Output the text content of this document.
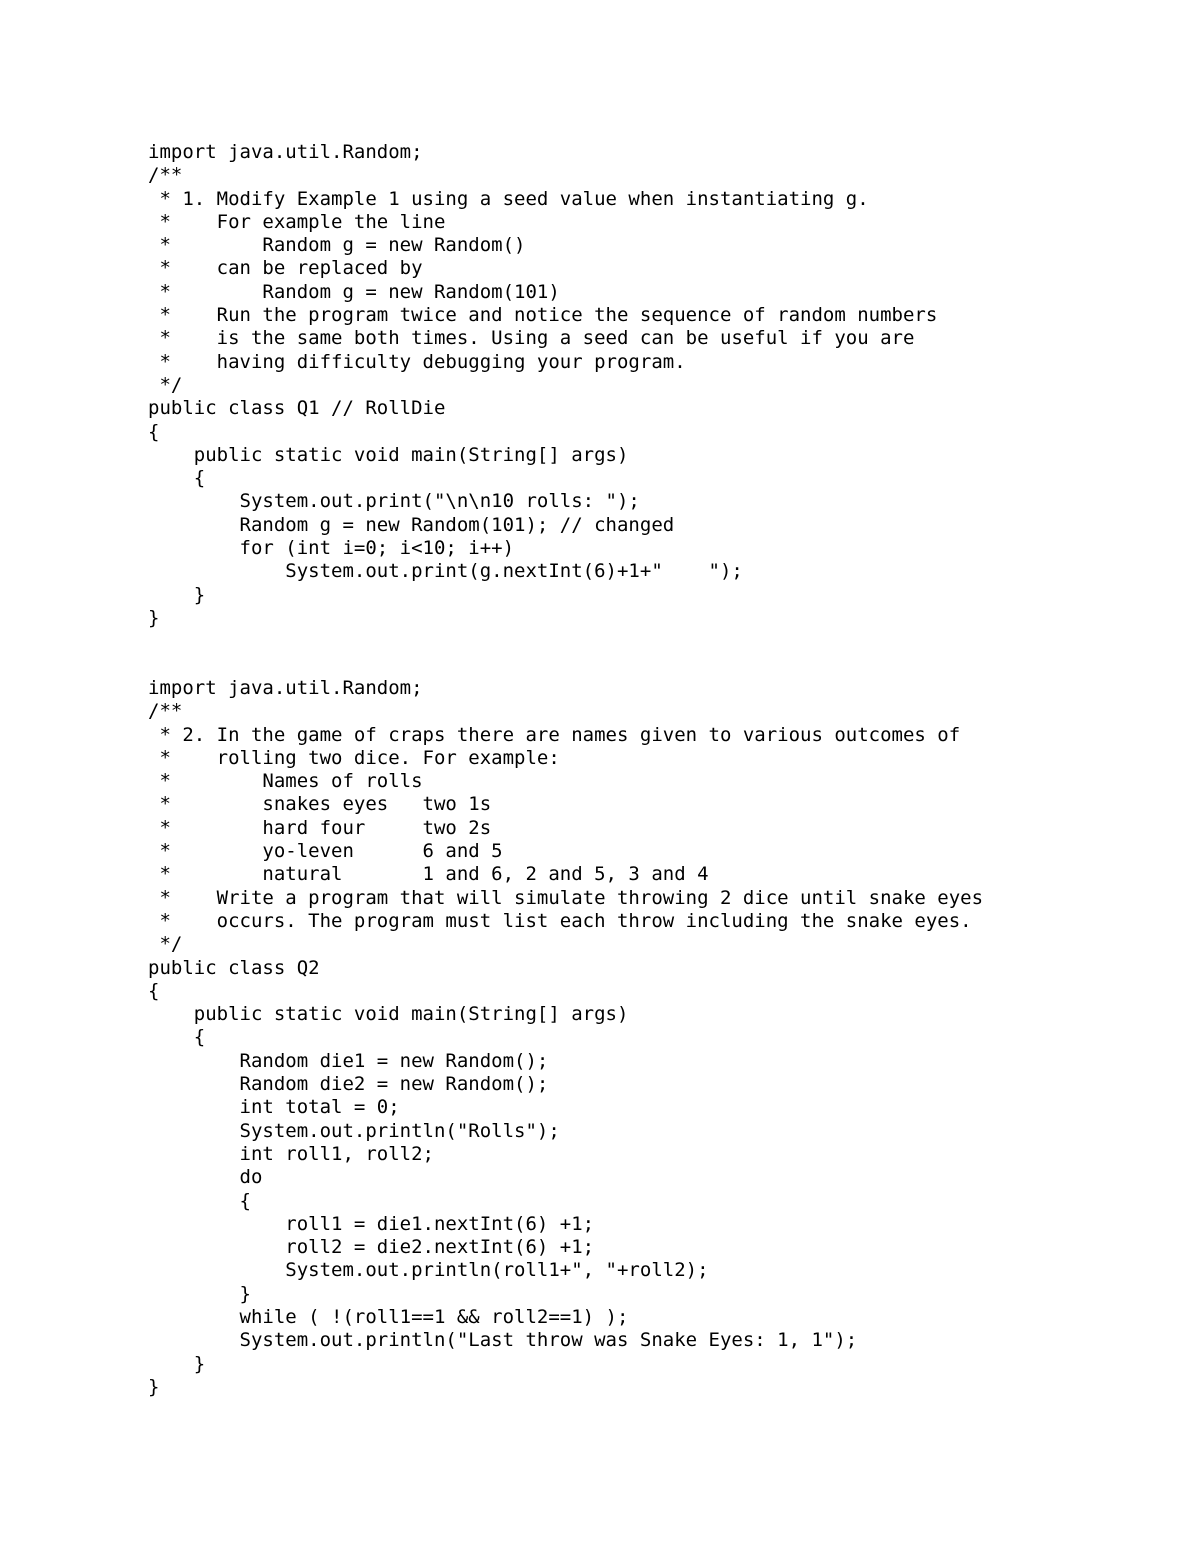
import java.util.Random;
/**
* 1. Modify Example 1 using a seed value when instantiating g.
*    For example the line
*        Random g = new Random()
*    can be replaced by
*        Random g = new Random(101)
*    Run the program twice and notice the sequence of random numbers
*    is the same both times. Using a seed can be useful if you are
*    having difficulty debugging your program.
*/
public class Q1 // RollDie
{
public static void main(String[] args)
{
System.out.print("\n\n10 rolls: ");
Random g = new Random(101); // changed
for (int i=0; i<10; i++)
System.out.print(g.nextInt(6)+1+"    ");
}
}
import java.util.Random;
/**
* 2. In the game of craps there are names given to various outcomes of
*    rolling two dice. For example:
*        Names of rolls
*        snakes eyes   two 1s
*        hard four     two 2s
*        yo-leven      6 and 5
*        natural       1 and 6, 2 and 5, 3 and 4
*    Write a program that will simulate throwing 2 dice until snake eyes
*    occurs. The program must list each throw including the snake eyes.
*/
public class Q2
{
public static void main(String[] args)
{
Random die1 = new Random();
Random die2 = new Random();
int total = 0;
System.out.println("Rolls");
int roll1, roll2;
do
{
roll1 = die1.nextInt(6) +1;
roll2 = die2.nextInt(6) +1;
System.out.println(roll1+", "+roll2);
}
while ( !(roll1==1 && roll2==1) );
System.out.println("Last throw was Snake Eyes: 1, 1");
}
}
